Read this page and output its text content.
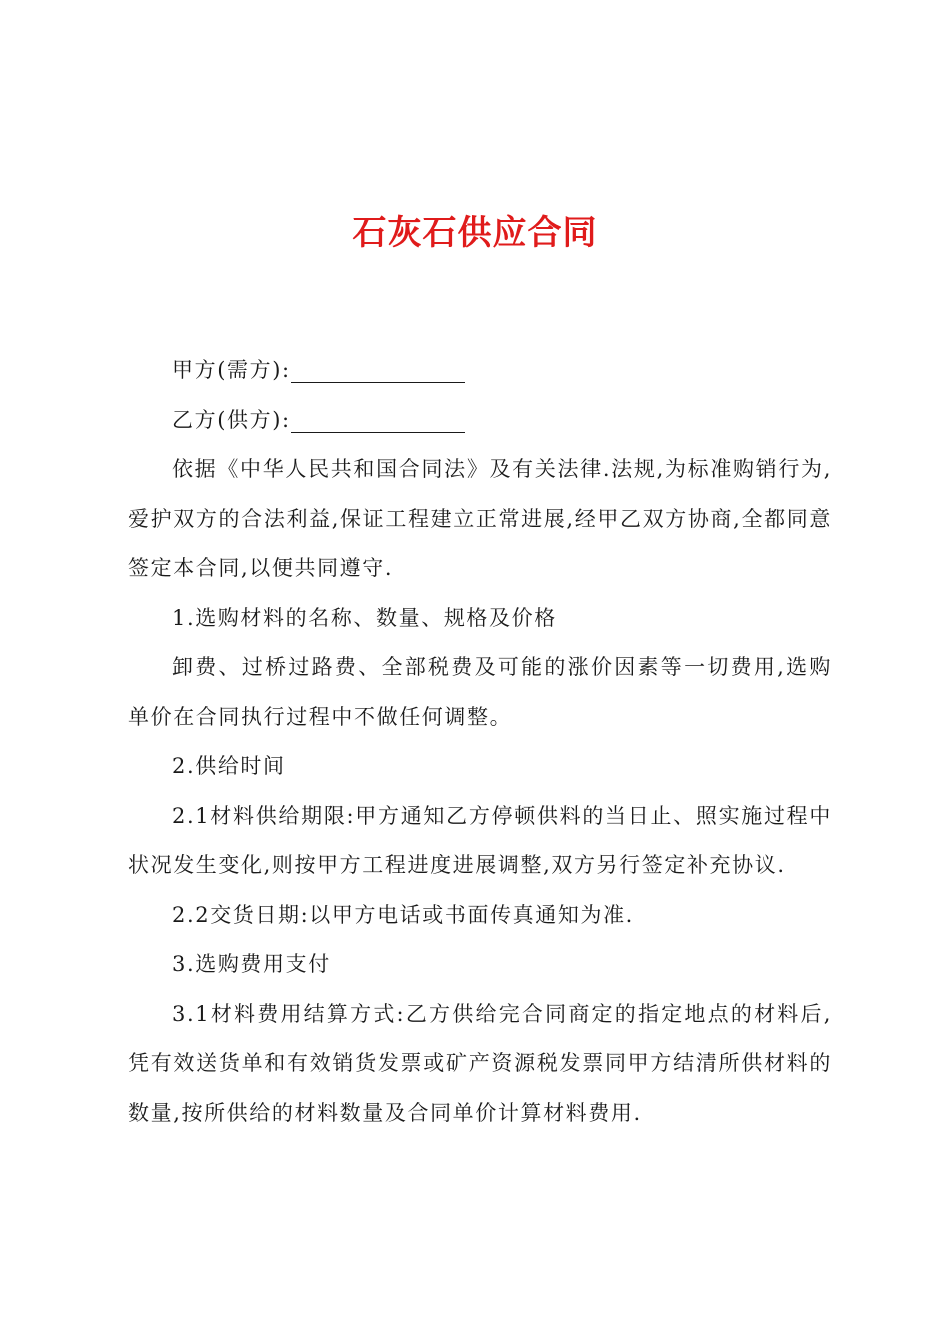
石灰石供应合同

甲方(需方):

乙方(供方):

依据《中华人民共和国合同法》及有关法律.法规,为标准购销行为,爱护双方的合法利益,保证工程建立正常进展,经甲乙双方协商,全都同意签定本合同,以便共同遵守.

1.选购材料的名称、数量、规格及价格

卸费、过桥过路费、全部税费及可能的涨价因素等一切费用,选购单价在合同执行过程中不做任何调整。

2.供给时间

2.1材料供给期限:甲方通知乙方停顿供料的当日止、照实施过程中状况发生变化,则按甲方工程进度进展调整,双方另行签定补充协议.

2.2交货日期:以甲方电话或书面传真通知为准.

3.选购费用支付

3.1材料费用结算方式:乙方供给完合同商定的指定地点的材料后,凭有效送货单和有效销货发票或矿产资源税发票同甲方结清所供材料的数量,按所供给的材料数量及合同单价计算材料费用.
